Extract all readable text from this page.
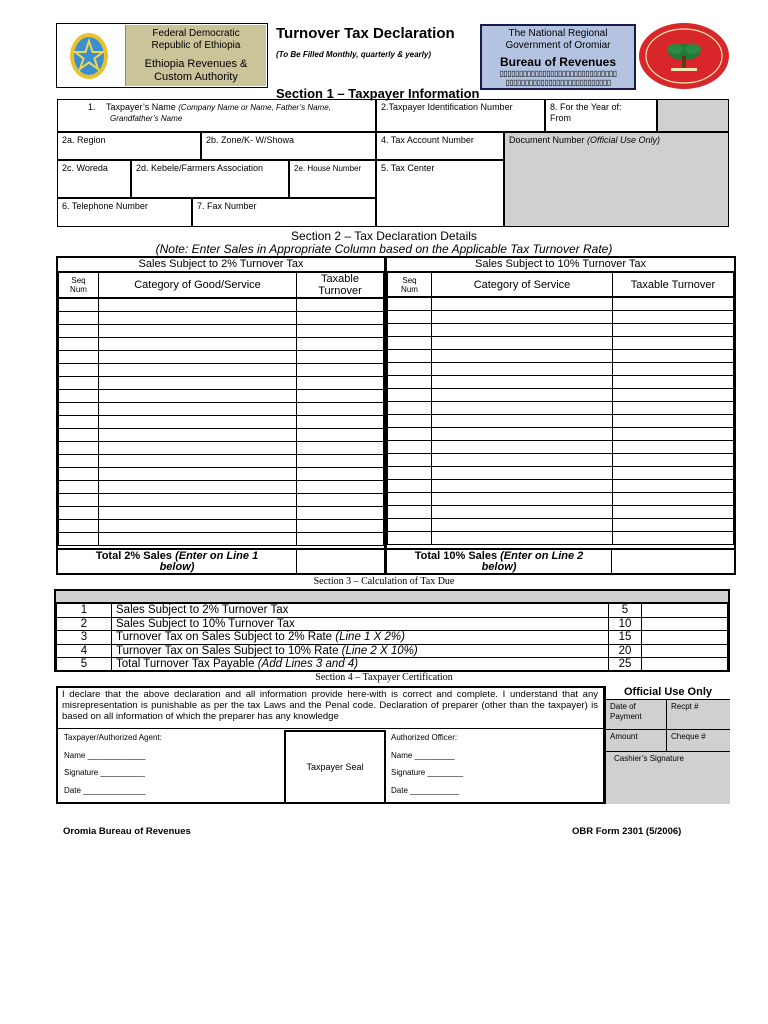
Federal Democratic
Republic of Ethiopia
Ethiopia Revenues &
Custom Authority
Turnover Tax Declaration
(To Be Filled Monthly, quarterly & yearly)
The National Regional
Government of Oromiar
Bureau of Revenues
▯▯▯▯▯▯▯▯▯▯▯▯▯▯▯▯▯▯▯▯▯▯▯▯▯▯▯▯▯▯
▯▯▯▯▯▯▯▯▯▯▯▯▯▯▯▯▯▯▯▯▯▯▯▯▯▯▯
Section 1 – Taxpayer Information
1. Taxpayer’s Name (Company Name or Name, Father’s Name,
Grandfather’s Name
2.Taxpayer Identification Number	8. For the Year of:
From
2a. Region	2b. Zone/K- W/Showa	4. Tax Account Number	Document Number (Official Use Only)
2c. Woreda	2d. Kebele/Farmers Association	2e. House Number	5. Tax Center
6. Telephone Number	7. Fax Number
Section 2 – Tax Declaration Details
(Note: Enter Sales in Appropriate Column based on the Applicable Tax Turnover Rate)
Sales Subject to 2% Turnover Tax
Seq
Num	Category of Good/Service	Taxable
Turnover

Total 2% Sales (Enter on Line 1
below)
Sales Subject to 10% Turnover Tax
Seq
Num	Category of Service	Taxable Turnover

Total 10% Sales (Enter on Line 2
below)
Section 3 – Calculation of Tax Due
1	Sales Subject to 2% Turnover Tax	5	
2	Sales Subject to 10% Turnover Tax	10	
3	Turnover Tax on Sales Subject to 2% Rate (Line 1 X 2%)	15	
4	Turnover Tax on Sales Subject to 10% Rate (Line 2 X 10%)	20	
5	Total Turnover Tax Payable (Add Lines 3 and 4)	25	
Section 4 – Taxpayer Certification
I declare that the above declaration and all information provide here-with is correct and complete. I understand that any misrepresentation is punishable as per the tax Laws and the Penal code. Declaration of preparer (other than the taxpayer) is based on all information of which the preparer has any knowledge
Taxpayer/Authorized Agent:
Name _____________
Signature __________
Date ______________
Taxpayer Seal
Authorized Officer:
Name _________
Signature ________
Date ___________
Official Use Only
Date of
Payment
Recpt #
Amount	Cheque #
Cashier’s Signature
Oromia Bureau of Revenues	OBR Form 2301 (5/2006)
